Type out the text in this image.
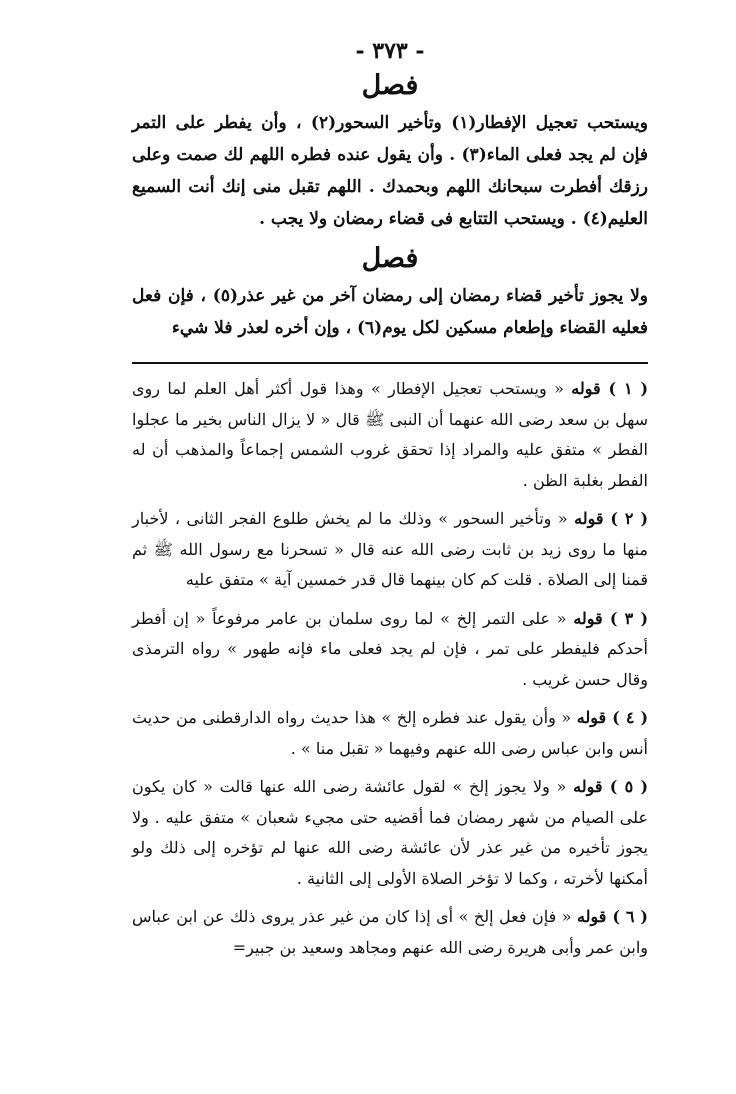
- ٣٧٣ -
فصل

ويستحب تعجيل الإفطار(١) وتأخير السحور(٢) ، وأن يفطر على التمر فإن لم يجد فعلى الماء(٣) . وأن يقول عنده فطره اللهم لك صمت وعلى رزقك أفطرت سبحانك اللهم وبحمدك . اللهم تقبل منى إنك أنت السميع العليم(٤) . ويستحب التتابع فى قضاء رمضان ولا يجب .

فصل

ولا يجوز تأخير قضاء رمضان إلى رمضان آخر من غير عذر(٥) ، فإن فعل فعليه القضاء وإطعام مسكين لكل يوم(٦) ، وإن أخره لعذر فلا شيء

( ١ ) قوله « ويستحب تعجيل الإفطار » وهذا قول أكثر أهل العلم لما روى سهل بن سعد رضى الله عنهما أن النبى ﷺ قال « لا يزال الناس بخير ما عجلوا الفطر » متفق عليه والمراد إذا تحقق غروب الشمس إجماعاً والمذهب أن له الفطر بغلبة الظن .

( ٢ ) قوله « وتأخير السحور » وذلك ما لم يخش طلوع الفجر الثانى ، لأخبار منها ما روى زيد بن ثابت رضى الله عنه قال « تسحرنا مع رسول الله ﷺ ثم قمنا إلى الصلاة . قلت كم كان بينهما قال قدر خمسين آية » متفق عليه

( ٣ ) قوله « على التمر إلخ » لما روى سلمان بن عامر مرفوعاً « إن أفطر أحدكم فليفطر على تمر ، فإن لم يجد فعلى ماء فإنه طهور » رواه الترمذى وقال حسن غريب .

( ٤ ) قوله « وأن يقول عند فطره إلخ » هذا حديث رواه الدارقطنى من حديث أنس وابن عباس رضى الله عنهم وفيهما « تقبل منا » .

( ٥ ) قوله « ولا يجوز إلخ » لقول عائشة رضى الله عنها قالت « كان يكون على الصيام من شهر رمضان فما أقضيه حتى مجيء شعبان » متفق عليه . ولا يجوز تأخيره من غير عذر لأن عائشة رضى الله عنها لم تؤخره إلى ذلك ولو أمكنها لأخرته ، وكما لا تؤخر الصلاة الأولى إلى الثانية .

( ٦ ) قوله « فإن فعل إلخ » أى إذا كان من غير عذر يروى ذلك عن ابن عباس وابن عمر وأبى هريرة رضى الله عنهم ومجاهد وسعيد بن جبير=
